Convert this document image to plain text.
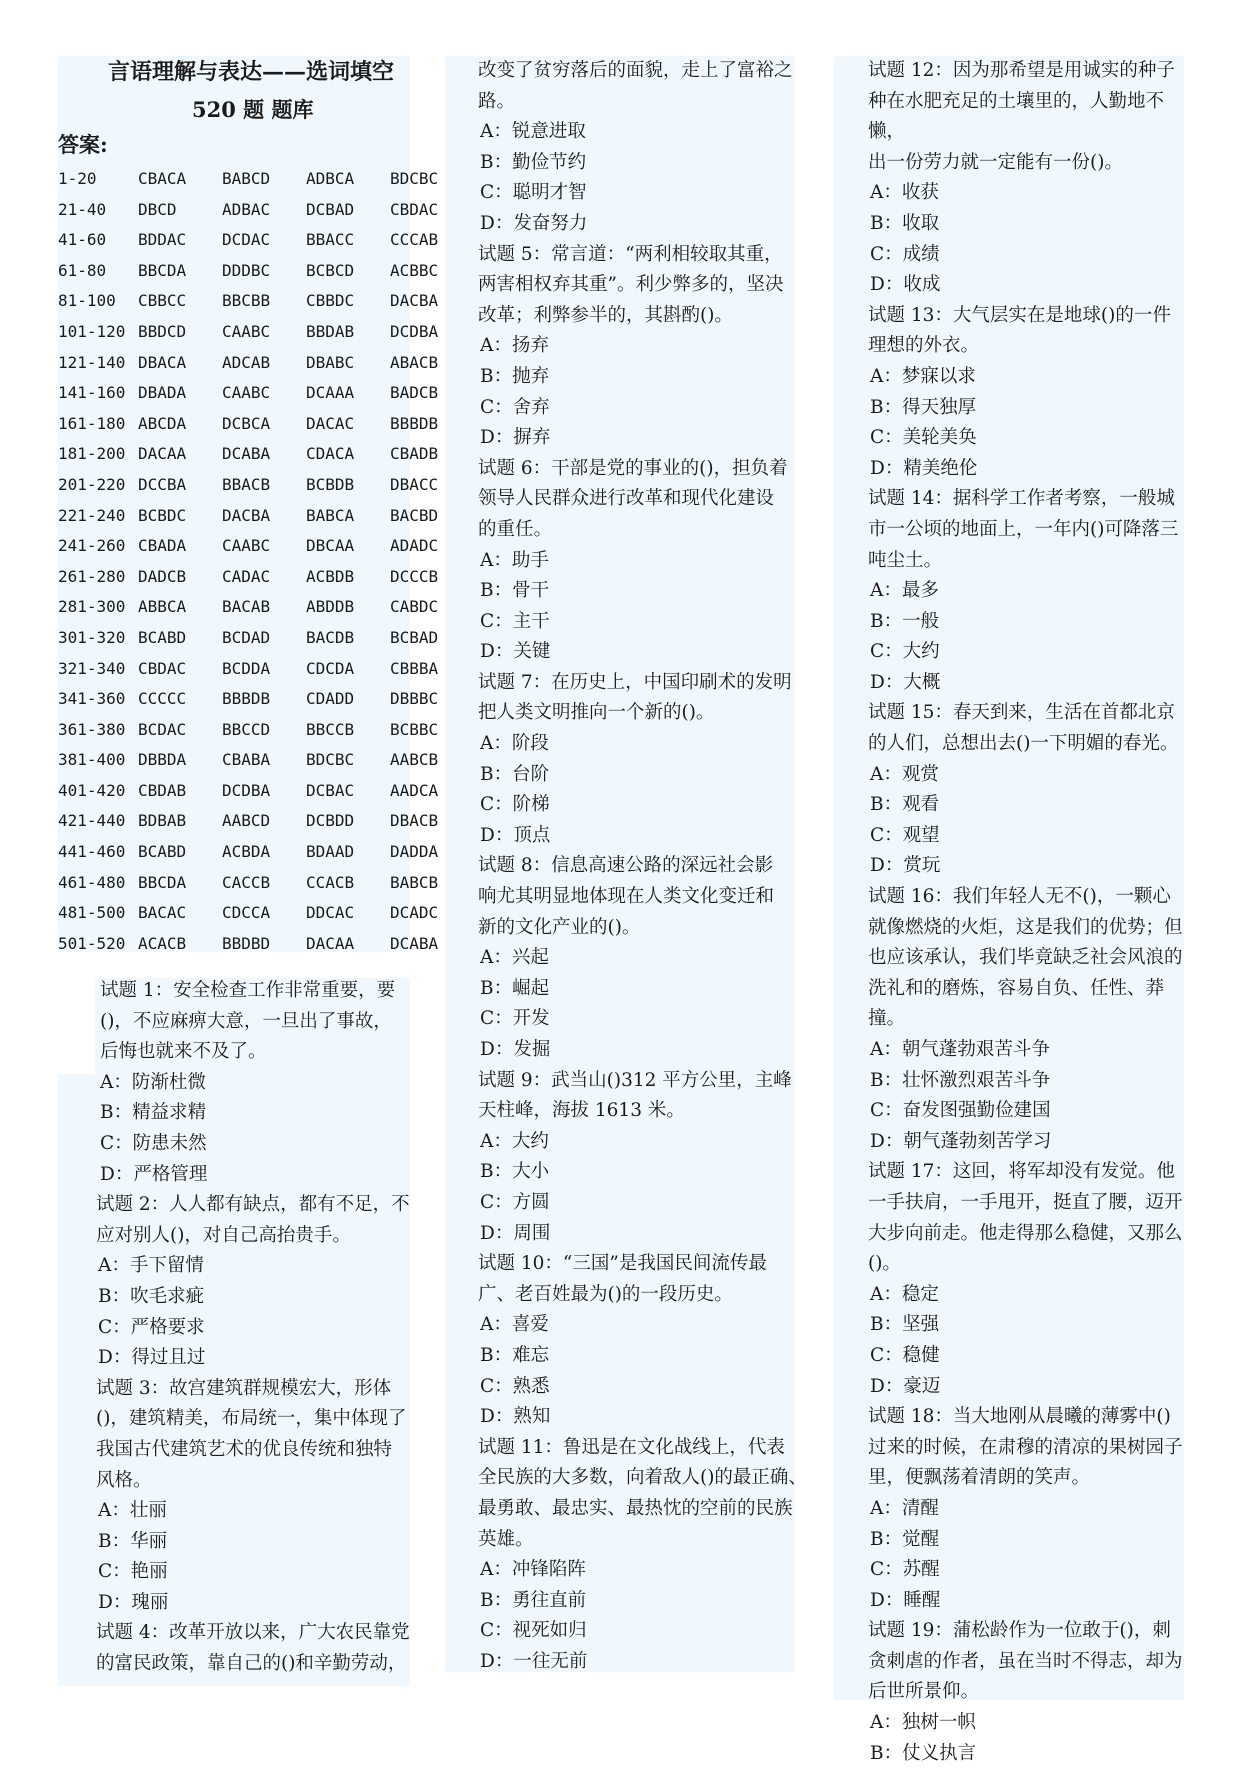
言语理解与表达——选词填空
520 题 题库
答案:
1-20	CBACA	BABCD	ADBCA	BDCBC
21-40	DBCD	ADBAC	DCBAD	CBDAC
41-60	BDDAC	DCDAC	BBACC	CCCAB
61-80	BBCDA	DDDBC	BCBCD	ACBBC
81-100	CBBCC	BBCBB	CBBDC	DACBA
101-120 BBDCD	CAABC	BBDAB	DCDBA
121-140 DBACA	ADCAB	DBABC	ABACB
141-160 DBADA	CAABC	DCAAA	BADCB
161-180 ABCDA	DCBCA	DACAC	BBBDB
181-200 DACAA	DCABA	CDACA	CBADB
201-220 DCCBA	BBACB	BCBDB	DBACC
221-240 BCBDC	DACBA	BABCA	BACBD
241-260 CBADA	CAABC	DBCAA	ADADC
261-280 DADCB	CADAC	ACBDB	DCCCB
281-300 ABBCA	BACAB	ABDDB	CABDC
301-320 BCABD	BCDAD	BACDB	BCBAD
321-340 CBDAC	BCDDA	CDCDA	CBBBA
341-360 CCCCC	BBBDB	CDADD	DBBBC
361-380 BCDAC	BBCCD	BBCCB	BCBBC
381-400 DBBDA	CBABA	BDCBC	AABCB
401-420 CBDAB	DCDBA	DCBAC	AADCA
421-440 BDBAB	AABCD	DCBDD	DBACB
441-460 BCABD	ACBDA	BDAAD	DADDA
461-480 BBCDA	CACCB	CCACB	BABCB
481-500 BACAC	CDCCA	DDCAC	DCADC
501-520 ACACB	BBDBD	DACAA	DCABA
试题 1：安全检查工作非常重要，要
()，不应麻痹大意，一旦出了事故，
后悔也就来不及了。
A：防渐杜微
B：精益求精
C：防患未然
D：严格管理
试题 2：人人都有缺点，都有不足，不
应对别人()，对自己高抬贵手。
A：手下留情
B：吹毛求疵
C：严格要求
D：得过且过
试题 3：故宫建筑群规模宏大，形体
()，建筑精美，布局统一，集中体现了
我国古代建筑艺术的优良传统和独特
风格。
A：壮丽
B：华丽
C：艳丽
D：瑰丽
试题 4：改革开放以来，广大农民靠党
的富民政策，靠自己的()和辛勤劳动，
改变了贫穷落后的面貌，走上了富裕之
路。
A：锐意进取
B：勤俭节约
C：聪明才智
D：发奋努力
试题 5：常言道：“两利相较取其重，
两害相权弃其重”。利少弊多的，坚决
改革；利弊参半的，其斟酌()。
A：扬弃
B：抛弃
C：舍弃
D：摒弃
试题 6：干部是党的事业的()，担负着
领导人民群众进行改革和现代化建设
的重任。
A：助手
B：骨干
C：主干
D：关键
试题 7：在历史上，中国印刷术的发明
把人类文明推向一个新的()。
A：阶段
B：台阶
C：阶梯
D：顶点
试题 8：信息高速公路的深远社会影
响尤其明显地体现在人类文化变迁和
新的文化产业的()。
A：兴起
B：崛起
C：开发
D：发掘
试题 9：武当山()312 平方公里，主峰
天柱峰，海拔 1613 米。
A：大约
B：大小
C：方圆
D：周围
试题 10：“三国”是我国民间流传最
广、老百姓最为()的一段历史。
A：喜爱
B：难忘
C：熟悉
D：熟知
试题 11：鲁迅是在文化战线上，代表
全民族的大多数，向着敌人()的最正确、
最勇敢、最忠实、最热忱的空前的民族
英雄。
A：冲锋陷阵
B：勇往直前
C：视死如归
D：一往无前
试题 12：因为那希望是用诚实的种子
种在水肥充足的土壤里的，人勤地不懒，
出一份劳力就一定能有一份()。
A：收获
B：收取
C：成绩
D：收成
试题 13：大气层实在是地球()的一件
理想的外衣。
A：梦寐以求
B：得天独厚
C：美轮美奂
D：精美绝伦
试题 14：据科学工作者考察，一般城
市一公顷的地面上，一年内()可降落三
吨尘土。
A：最多
B：一般
C：大约
D：大概
试题 15：春天到来，生活在首都北京
的人们，总想出去()一下明媚的春光。
A：观赏
B：观看
C：观望
D：赏玩
试题 16：我们年轻人无不()，一颗心
就像燃烧的火炬，这是我们的优势；但
也应该承认，我们毕竟缺乏社会风浪的
洗礼和的磨炼，容易自负、任性、莽撞。
A：朝气蓬勃艰苦斗争
B：壮怀激烈艰苦斗争
C：奋发图强勤俭建国
D：朝气蓬勃刻苦学习
试题 17：这回，将军却没有发觉。他
一手扶肩，一手甩开，挺直了腰，迈开
大步向前走。他走得那么稳健，又那么
()。
A：稳定
B：坚强
C：稳健
D：豪迈
试题 18：当大地刚从晨曦的薄雾中()
过来的时候，在肃穆的清凉的果树园子
里，便飘荡着清朗的笑声。
A：清醒
B：觉醒
C：苏醒
D：睡醒
试题 19：蒲松龄作为一位敢于()，刺
贪刺虐的作者，虽在当时不得志，却为
后世所景仰。
A：独树一帜
B：仗义执言
